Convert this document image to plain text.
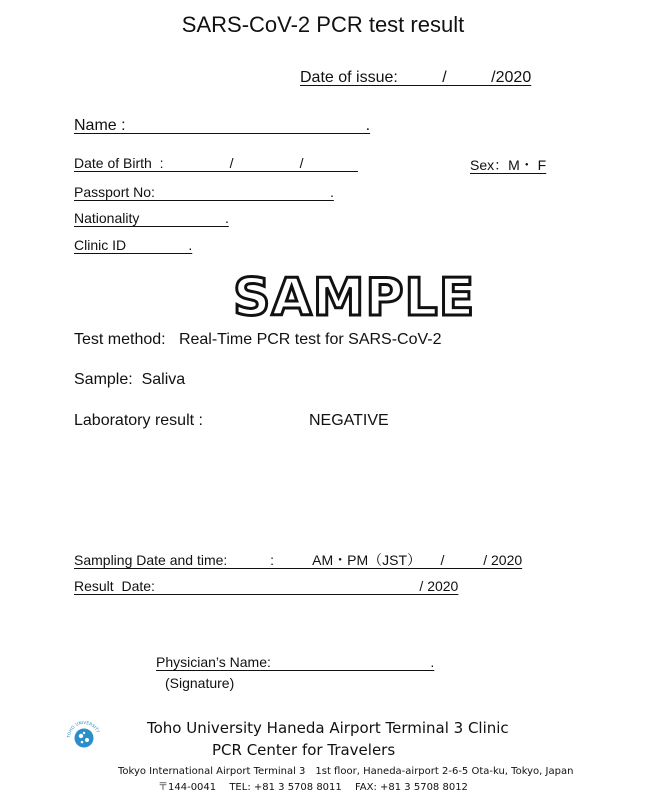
SARS-CoV-2 PCR test result
Date of issue:          /          /2020
Name :                                                      .
Date of Birth  :                 /                 /	Sex：M・ F
Passport No:                                             .
Nationality                      .
Clinic ID                .
SAMPLE
Test method:   Real-Time PCR test for SARS-CoV-2
Sample:  Saliva
Laboratory result :	NEGATIVE
Sampling Date and time:           :          AM・PM（JST）     /          / 2020
Result  Date:                                                                    / 2020
Physician’s Name:                                         .
(Signature)
TOHO UNIVERSITY	Toho University Haneda Airport Terminal 3 Clinic
PCR Center for Travelers
Tokyo International Airport Terminal 3　1st floor, Haneda-airport 2-6-5 Ota-ku, Tokyo, Japan
〒144-0041　 TEL: +81 3 5708 8011　 FAX: +81 3 5708 8012
